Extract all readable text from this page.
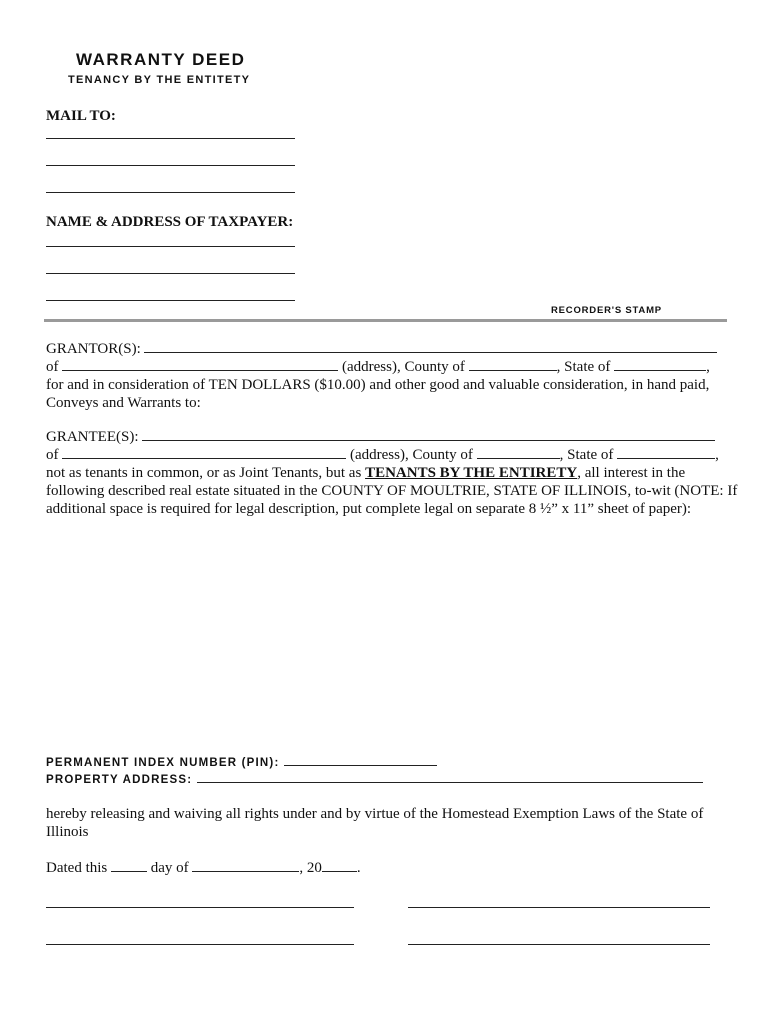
WARRANTY DEED
TENANCY BY THE ENTITETY
MAIL TO:
NAME & ADDRESS OF TAXPAYER:
RECORDER'S STAMP
GRANTOR(S):
of	(address), County of	, State of	,
for and in consideration of TEN DOLLARS ($10.00) and other good and valuable consideration, in hand paid,
Conveys and Warrants to:
GRANTEE(S):
of	(address), County of	, State of	,
not as tenants in common, or as Joint Tenants, but as TENANTS BY THE ENTIRETY, all interest in the
following described real estate situated in the COUNTY OF MOULTRIE, STATE OF ILLINOIS, to-wit (NOTE: If
additional space is required for legal description, put complete legal on separate 8 ½” x 11” sheet of paper):
PERMANENT INDEX NUMBER (PIN):
PROPERTY ADDRESS:
hereby releasing and waiving all rights under and by virtue of the Homestead Exemption Laws of the State of
Illinois
Dated this	day of	, 20 .
